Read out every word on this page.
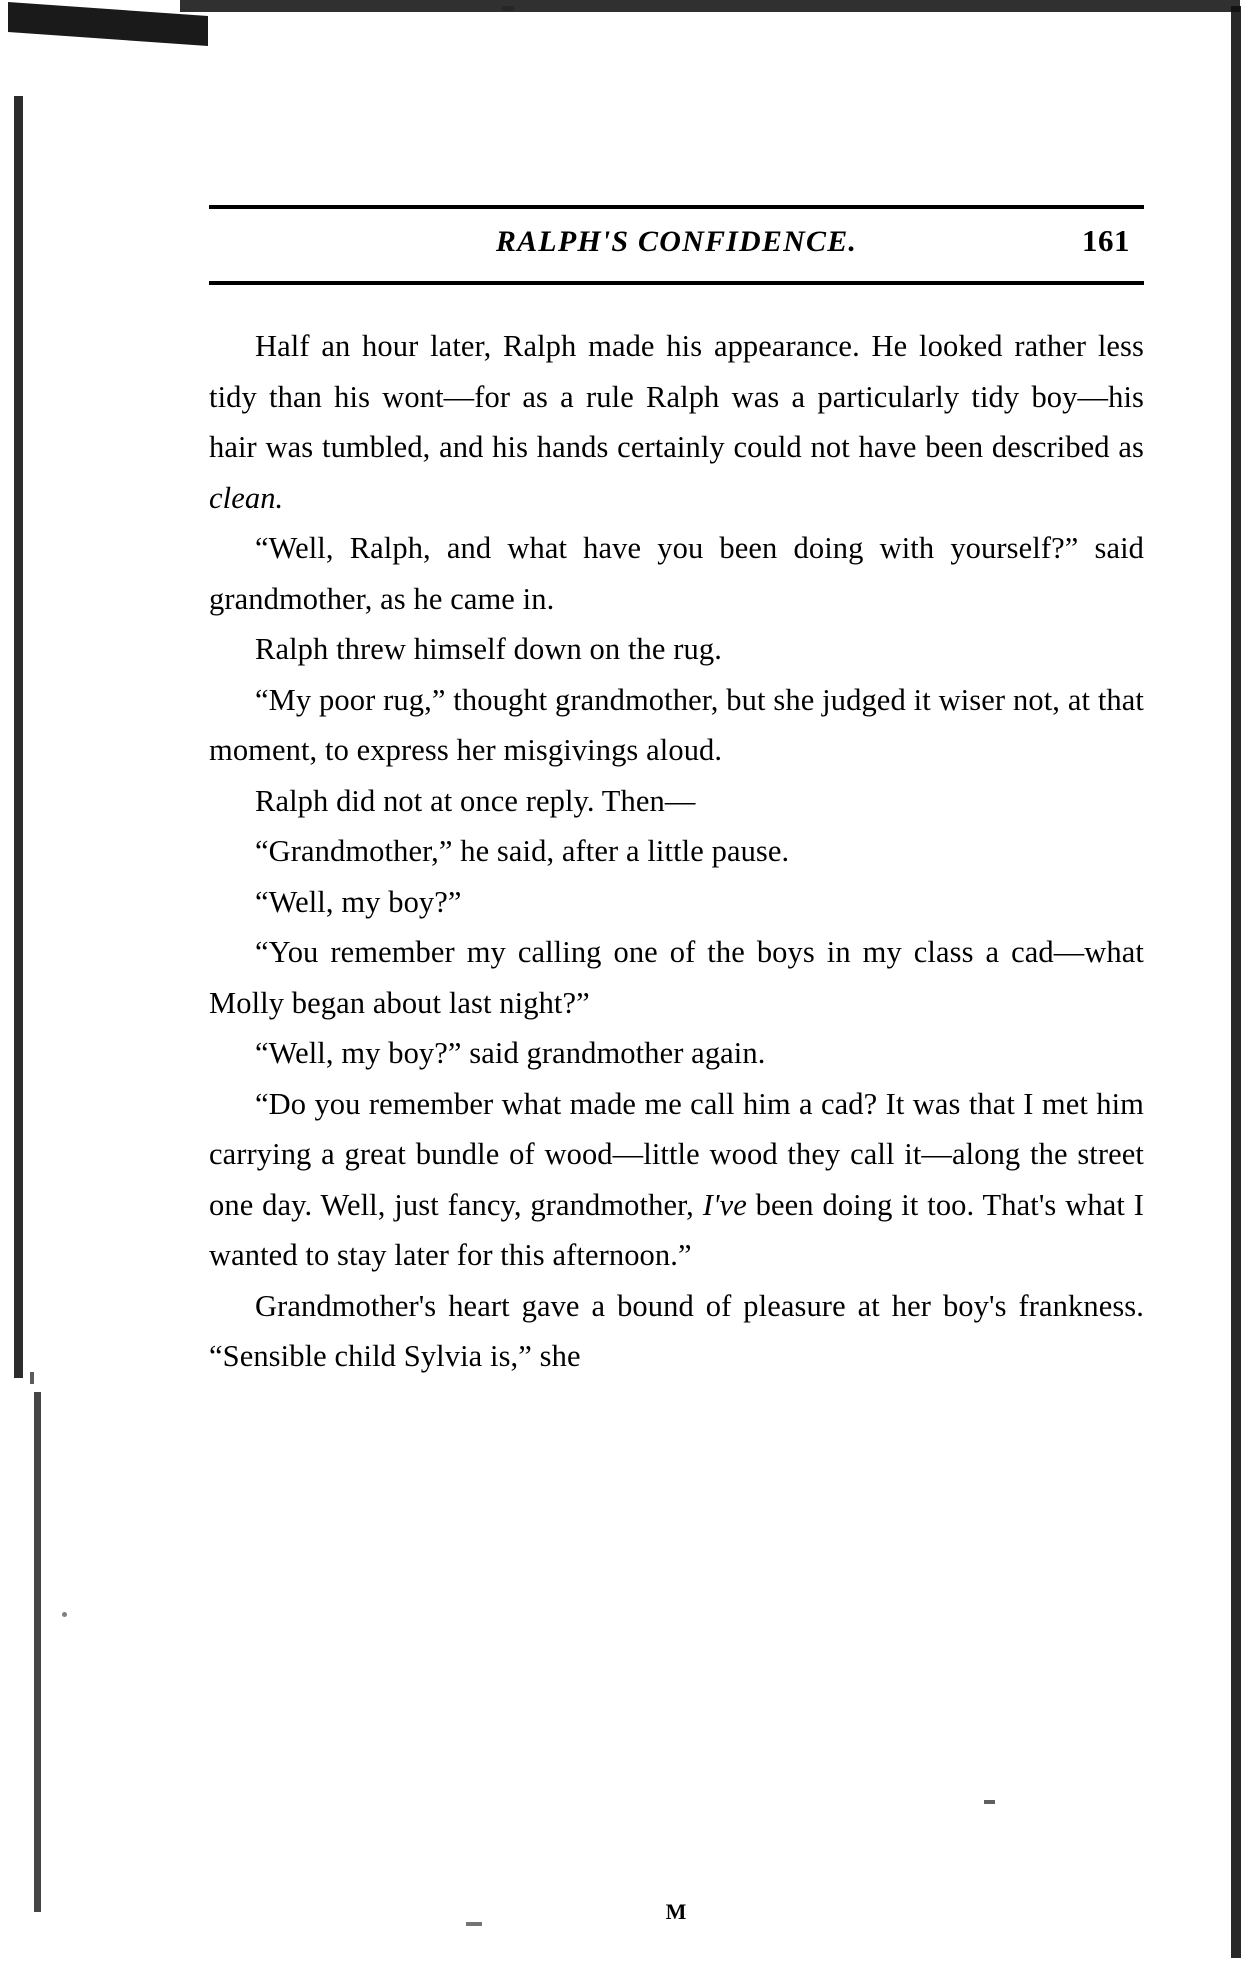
RALPH'S CONFIDENCE.	161

Half an hour later, Ralph made his appearance. He looked rather less tidy than his wont—for as a rule Ralph was a particularly tidy boy—his hair was tumbled, and his hands certainly could not have been described as clean.

“Well, Ralph, and what have you been doing with yourself?” said grandmother, as he came in.

Ralph threw himself down on the rug.

“My poor rug,” thought grandmother, but she judged it wiser not, at that moment, to express her misgivings aloud.

Ralph did not at once reply. Then—

“Grandmother,” he said, after a little pause.

“Well, my boy?”

“You remember my calling one of the boys in my class a cad—what Molly began about last night?”

“Well, my boy?” said grandmother again.

“Do you remember what made me call him a cad? It was that I met him carrying a great bundle of wood—little wood they call it—along the street one day. Well, just fancy, grandmother, I've been doing it too. That's what I wanted to stay later for this afternoon.”

Grandmother's heart gave a bound of pleasure at her boy's frankness. “Sensible child Sylvia is,” she

M
